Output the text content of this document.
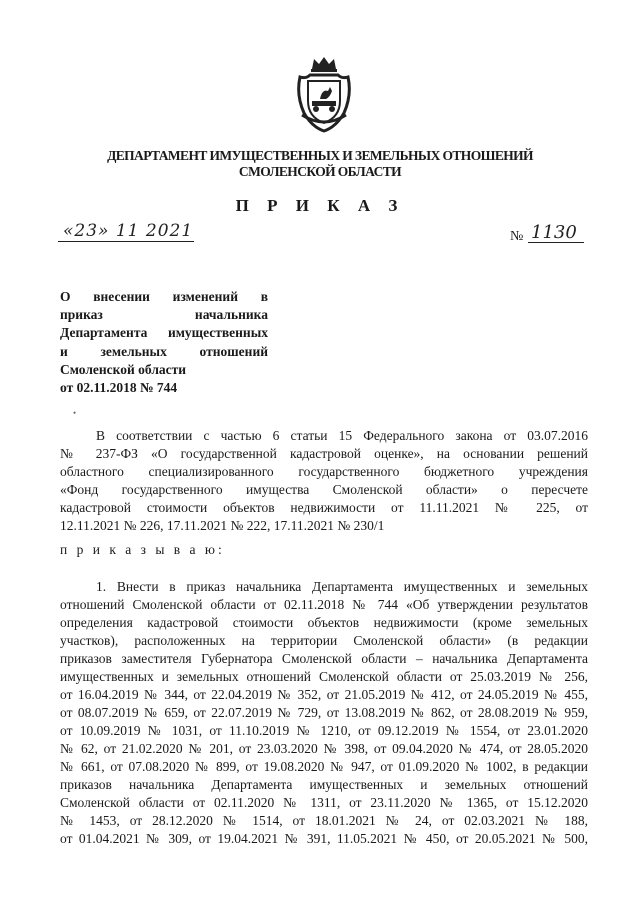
ДЕПАРТАМЕНТ ИМУЩЕСТВЕННЫХ И ЗЕМЕЛЬНЫХ ОТНОШЕНИЙ
СМОЛЕНСКОЙ ОБЛАСТИ
П Р И К А З
«23» 11 2021	№ 1130
О внесении изменений в
приказ начальника
Департамента имущественных
и земельных отношений
Смоленской области
от 02.11.2018 № 744
•
В соответствии с частью 6 статьи 15 Федерального закона от 03.07.2016
№ 237-ФЗ «О государственной кадастровой оценке», на основании решений
областного специализированного государственного бюджетного учреждения
«Фонд государственного имущества Смоленской области» о пересчете
кадастровой стоимости объектов недвижимости от 11.11.2021 № 225, от
12.11.2021 № 226, 17.11.2021 № 222, 17.11.2021 № 230/1
п р и к а з ы в а ю:
1. Внести в приказ начальника Департамента имущественных и земельных
отношений Смоленской области от 02.11.2018 № 744 «Об утверждении результатов
определения кадастровой стоимости объектов недвижимости (кроме земельных
участков), расположенных на территории Смоленской области» (в редакции
приказов заместителя Губернатора Смоленской области – начальника Департамента
имущественных и земельных отношений Смоленской области от 25.03.2019 № 256,
от 16.04.2019 № 344, от 22.04.2019 № 352, от 21.05.2019 № 412, от 24.05.2019 № 455,
от 08.07.2019 № 659, от 22.07.2019 № 729, от 13.08.2019 № 862, от 28.08.2019 № 959,
от 10.09.2019 № 1031, от 11.10.2019 № 1210, от 09.12.2019 № 1554, от 23.01.2020
№ 62, от 21.02.2020 № 201, от 23.03.2020 № 398, от 09.04.2020 № 474, от 28.05.2020
№ 661, от 07.08.2020 № 899, от 19.08.2020 № 947, от 01.09.2020 № 1002, в редакции
приказов начальника Департамента имущественных и земельных отношений
Смоленской области от 02.11.2020 № 1311, от 23.11.2020 № 1365, от 15.12.2020
№ 1453, от 28.12.2020 № 1514, от 18.01.2021 № 24, от 02.03.2021 № 188,
от 01.04.2021 № 309, от 19.04.2021 № 391, 11.05.2021 № 450, от 20.05.2021 № 500,
